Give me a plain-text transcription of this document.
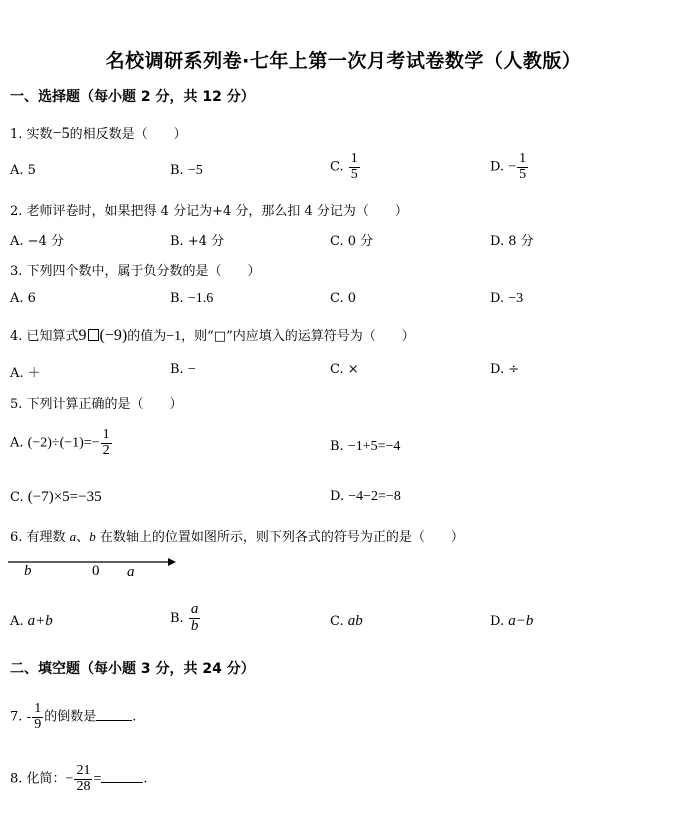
名校调研系列卷·七年上第一次月考试卷数学（人教版）
一、选择题（每小题 2 分，共 12 分）
1. 实数−5的相反数是（　　）
A. 5	B. −5	C. $\frac{1}{5}$	D. − $\frac{1}{5}$
2. 老师评卷时，如果把得 4 分记为+4 分，那么扣 4 分记为（　　）
A. −4 分	B. +4 分	C. 0 分	D. 8 分
3. 下列四个数中，属于负分数的是（　　）
A. 6	B. −1.6	C. 0	D. −3
4. 已知算式9 (−9)的值为−1，则“□”内应填入的运算符号为（　　）
A. ＋	B. −	C. ×	D. ÷
5. 下列计算正确的是（　　）
A. $(-2)\div(-1)=- \frac{1}{2}$	B. −1+5=−4
C. (−7)×5=−35	D. −4−2=−8
6. 有理数 a、b 在数轴上的位置如图所示，则下列各式的符号为正的是（　　）
b	0 a
A. a+b	B. $\frac{a}{b}$	C. ab	D. a−b
二、填空题（每小题 3 分，共 24 分）
7. - $\frac{1}{9}$ 的倒数是	.
8. 化简：− $\frac{21}{28}$ =	.
